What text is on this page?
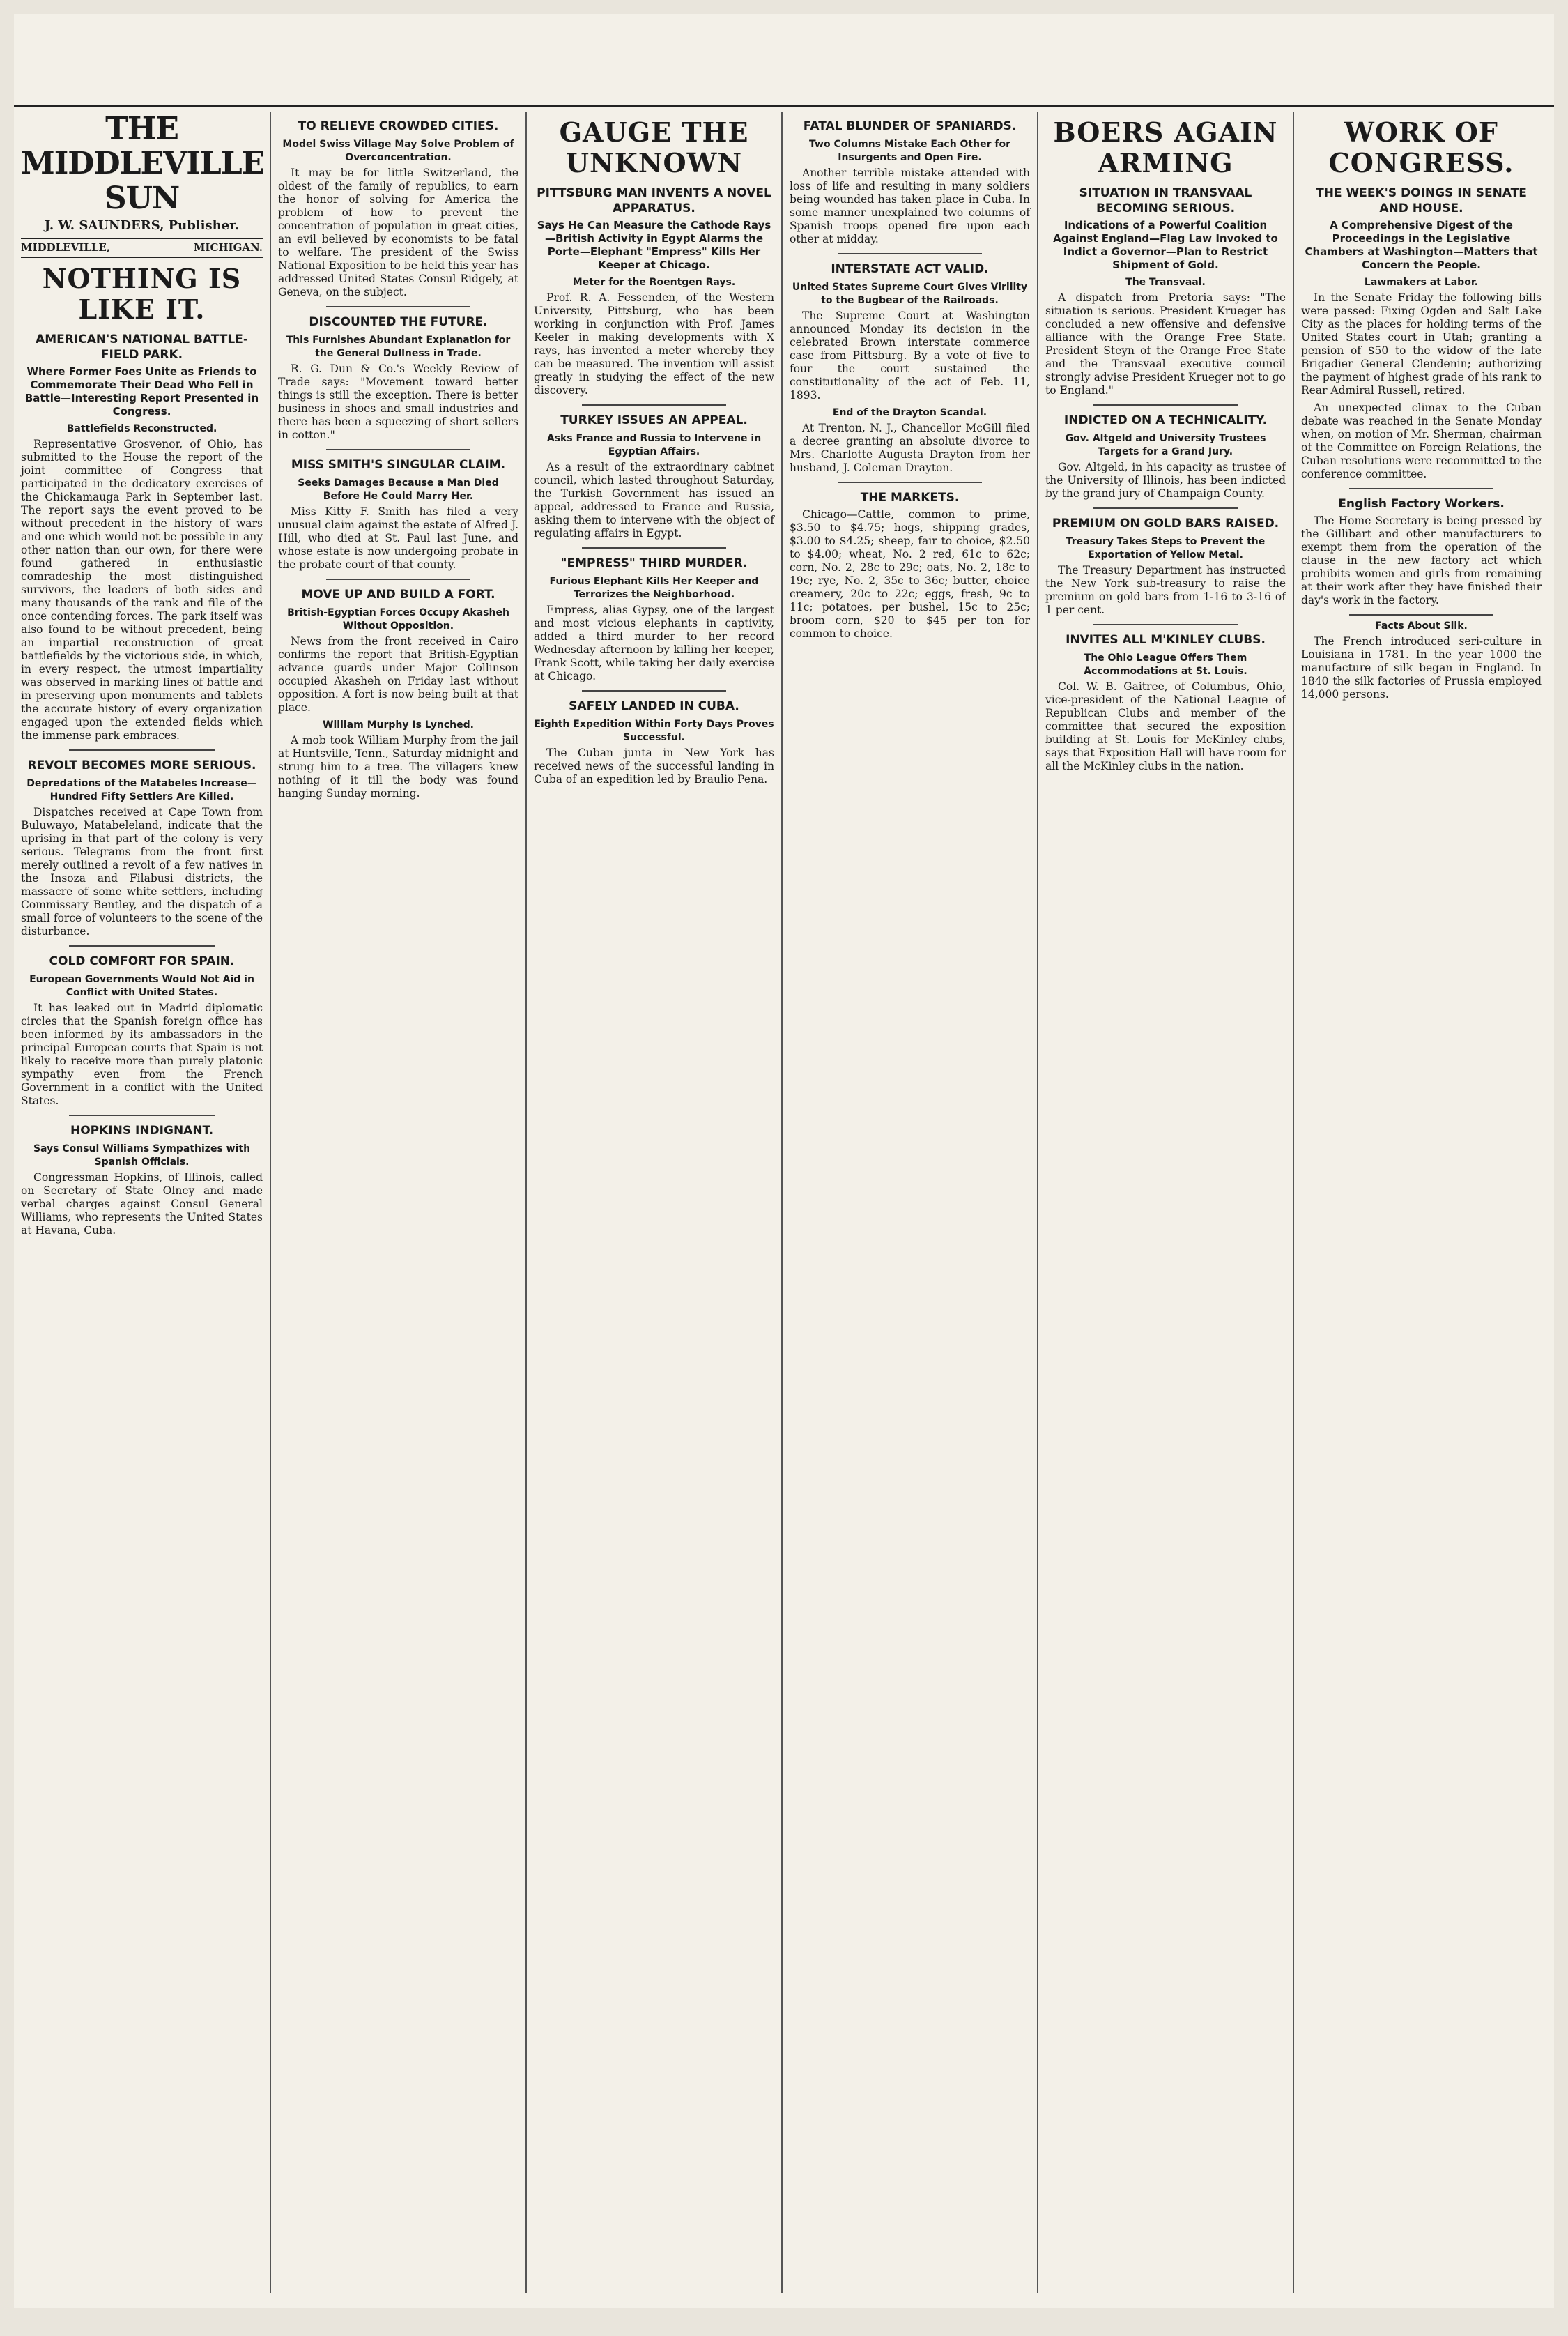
THE MIDDLEVILLE SUN
J. W. SAUNDERS, Publisher.
MIDDLEVILLE,	MICHIGAN.
NOTHING IS LIKE IT.
AMERICAN'S NATIONAL BATTLE-FIELD PARK.
Where Former Foes Unite as Friends to Commemorate Their Dead Who Fell in Battle—Interesting Report Presented in Congress.
Battlefields Reconstructed.

Representative Grosvenor, of Ohio, has submitted to the House the report of the joint committee of Congress that participated in the dedicatory exercises of the Chickamauga Park in September last. The report says the event proved to be without precedent in the history of wars and one which would not be possible in any other nation than our own, for there were found gathered in enthusiastic comradeship the most distinguished survivors, the leaders of both sides and many thousands of the rank and file of the once contending forces. The park itself was also found to be without precedent, being an impartial reconstruction of great battlefields by the victorious side, in which, in every respect, the utmost impartiality was observed in marking lines of battle and in preserving upon monuments and tablets the accurate history of every organization engaged upon the extended fields which the immense park embraces.

REVOLT BECOMES MORE SERIOUS.
Depredations of the Matabeles Increase—Hundred Fifty Settlers Are Killed.

Dispatches received at Cape Town from Buluwayo, Matabeleland, indicate that the uprising in that part of the colony is very serious. Telegrams from the front first merely outlined a revolt of a few natives in the Insoza and Filabusi districts, the massacre of some white settlers, including Commissary Bentley, and the dispatch of a small force of volunteers to the scene of the disturbance.

COLD COMFORT FOR SPAIN.
European Governments Would Not Aid in Conflict with United States.

It has leaked out in Madrid diplomatic circles that the Spanish foreign office has been informed by its ambassadors in the principal European courts that Spain is not likely to receive more than purely platonic sympathy even from the French Government in a conflict with the United States.

HOPKINS INDIGNANT.
Says Consul Williams Sympathizes with Spanish Officials.

Congressman Hopkins, of Illinois, called on Secretary of State Olney and made verbal charges against Consul General Williams, who represents the United States at Havana, Cuba.

TO RELIEVE CROWDED CITIES.
Model Swiss Village May Solve Problem of Overconcentration.

It may be for little Switzerland, the oldest of the family of republics, to earn the honor of solving for America the problem of how to prevent the concentration of population in great cities, an evil believed by economists to be fatal to welfare. The president of the Swiss National Exposition to be held this year has addressed United States Consul Ridgely, at Geneva, on the subject.

DISCOUNTED THE FUTURE.
This Furnishes Abundant Explanation for the General Dullness in Trade.

R. G. Dun & Co.'s Weekly Review of Trade says: "Movement toward better things is still the exception. There is better business in shoes and small industries and there has been a squeezing of short sellers in cotton."

MISS SMITH'S SINGULAR CLAIM.
Seeks Damages Because a Man Died Before He Could Marry Her.

Miss Kitty F. Smith has filed a very unusual claim against the estate of Alfred J. Hill, who died at St. Paul last June, and whose estate is now undergoing probate in the probate court of that county.

MOVE UP AND BUILD A FORT.
British-Egyptian Forces Occupy Akasheh Without Opposition.

News from the front received in Cairo confirms the report that British-Egyptian advance guards under Major Collinson occupied Akasheh on Friday last without opposition. A fort is now being built at that place.

William Murphy Is Lynched.

A mob took William Murphy from the jail at Huntsville, Tenn., Saturday midnight and strung him to a tree. The villagers knew nothing of it till the body was found hanging Sunday morning.

GAUGE THE UNKNOWN
PITTSBURG MAN INVENTS A NOVEL APPARATUS.
Says He Can Measure the Cathode Rays—British Activity in Egypt Alarms the Porte—Elephant "Empress" Kills Her Keeper at Chicago.
Meter for the Roentgen Rays.

Prof. R. A. Fessenden, of the Western University, Pittsburg, who has been working in conjunction with Prof. James Keeler in making developments with X rays, has invented a meter whereby they can be measured. The invention will assist greatly in studying the effect of the new discovery.

TURKEY ISSUES AN APPEAL.
Asks France and Russia to Intervene in Egyptian Affairs.

As a result of the extraordinary cabinet council, which lasted throughout Saturday, the Turkish Government has issued an appeal, addressed to France and Russia, asking them to intervene with the object of regulating affairs in Egypt.

"EMPRESS" THIRD MURDER.
Furious Elephant Kills Her Keeper and Terrorizes the Neighborhood.

Empress, alias Gypsy, one of the largest and most vicious elephants in captivity, added a third murder to her record Wednesday afternoon by killing her keeper, Frank Scott, while taking her daily exercise at Chicago.

SAFELY LANDED IN CUBA.
Eighth Expedition Within Forty Days Proves Successful.

The Cuban junta in New York has received news of the successful landing in Cuba of an expedition led by Braulio Pena.

FATAL BLUNDER OF SPANIARDS.
Two Columns Mistake Each Other for Insurgents and Open Fire.

Another terrible mistake attended with loss of life and resulting in many soldiers being wounded has taken place in Cuba. In some manner unexplained two columns of Spanish troops opened fire upon each other at midday.

INTERSTATE ACT VALID.
United States Supreme Court Gives Virility to the Bugbear of the Railroads.

The Supreme Court at Washington announced Monday its decision in the celebrated Brown interstate commerce case from Pittsburg. By a vote of five to four the court sustained the constitutionality of the act of Feb. 11, 1893.

End of the Drayton Scandal.

At Trenton, N. J., Chancellor McGill filed a decree granting an absolute divorce to Mrs. Charlotte Augusta Drayton from her husband, J. Coleman Drayton.

THE MARKETS.

Chicago—Cattle, common to prime, $3.50 to $4.75; hogs, shipping grades, $3.00 to $4.25; sheep, fair to choice, $2.50 to $4.00; wheat, No. 2 red, 61c to 62c; corn, No. 2, 28c to 29c; oats, No. 2, 18c to 19c; rye, No. 2, 35c to 36c; butter, choice creamery, 20c to 22c; eggs, fresh, 9c to 11c; potatoes, per bushel, 15c to 25c; broom corn, $20 to $45 per ton for common to choice.

BOERS AGAIN ARMING
SITUATION IN TRANSVAAL BECOMING SERIOUS.
Indications of a Powerful Coalition Against England—Flag Law Invoked to Indict a Governor—Plan to Restrict Shipment of Gold.
The Transvaal.

A dispatch from Pretoria says: "The situation is serious. President Krueger has concluded a new offensive and defensive alliance with the Orange Free State. President Steyn of the Orange Free State and the Transvaal executive council strongly advise President Krueger not to go to England."

INDICTED ON A TECHNICALITY.
Gov. Altgeld and University Trustees Targets for a Grand Jury.

Gov. Altgeld, in his capacity as trustee of the University of Illinois, has been indicted by the grand jury of Champaign County.

PREMIUM ON GOLD BARS RAISED.
Treasury Takes Steps to Prevent the Exportation of Yellow Metal.

The Treasury Department has instructed the New York sub-treasury to raise the premium on gold bars from 1-16 to 3-16 of 1 per cent.

INVITES ALL M'KINLEY CLUBS.
The Ohio League Offers Them Accommodations at St. Louis.

Col. W. B. Gaitree, of Columbus, Ohio, vice-president of the National League of Republican Clubs and member of the committee that secured the exposition building at St. Louis for McKinley clubs, says that Exposition Hall will have room for all the McKinley clubs in the nation.

WORK OF CONGRESS.
THE WEEK'S DOINGS IN SENATE AND HOUSE.
A Comprehensive Digest of the Proceedings in the Legislative Chambers at Washington—Matters that Concern the People.
Lawmakers at Labor.

In the Senate Friday the following bills were passed: Fixing Ogden and Salt Lake City as the places for holding terms of the United States court in Utah; granting a pension of $50 to the widow of the late Brigadier General Clendenin; authorizing the payment of highest grade of his rank to Rear Admiral Russell, retired.

An unexpected climax to the Cuban debate was reached in the Senate Monday when, on motion of Mr. Sherman, chairman of the Committee on Foreign Relations, the Cuban resolutions were recommitted to the conference committee.

English Factory Workers.

The Home Secretary is being pressed by the Gillibart and other manufacturers to exempt them from the operation of the clause in the new factory act which prohibits women and girls from remaining at their work after they have finished their day's work in the factory.

Facts About Silk.

The French introduced seri-culture in Louisiana in 1781. In the year 1000 the manufacture of silk began in England. In 1840 the silk factories of Prussia employed 14,000 persons.
